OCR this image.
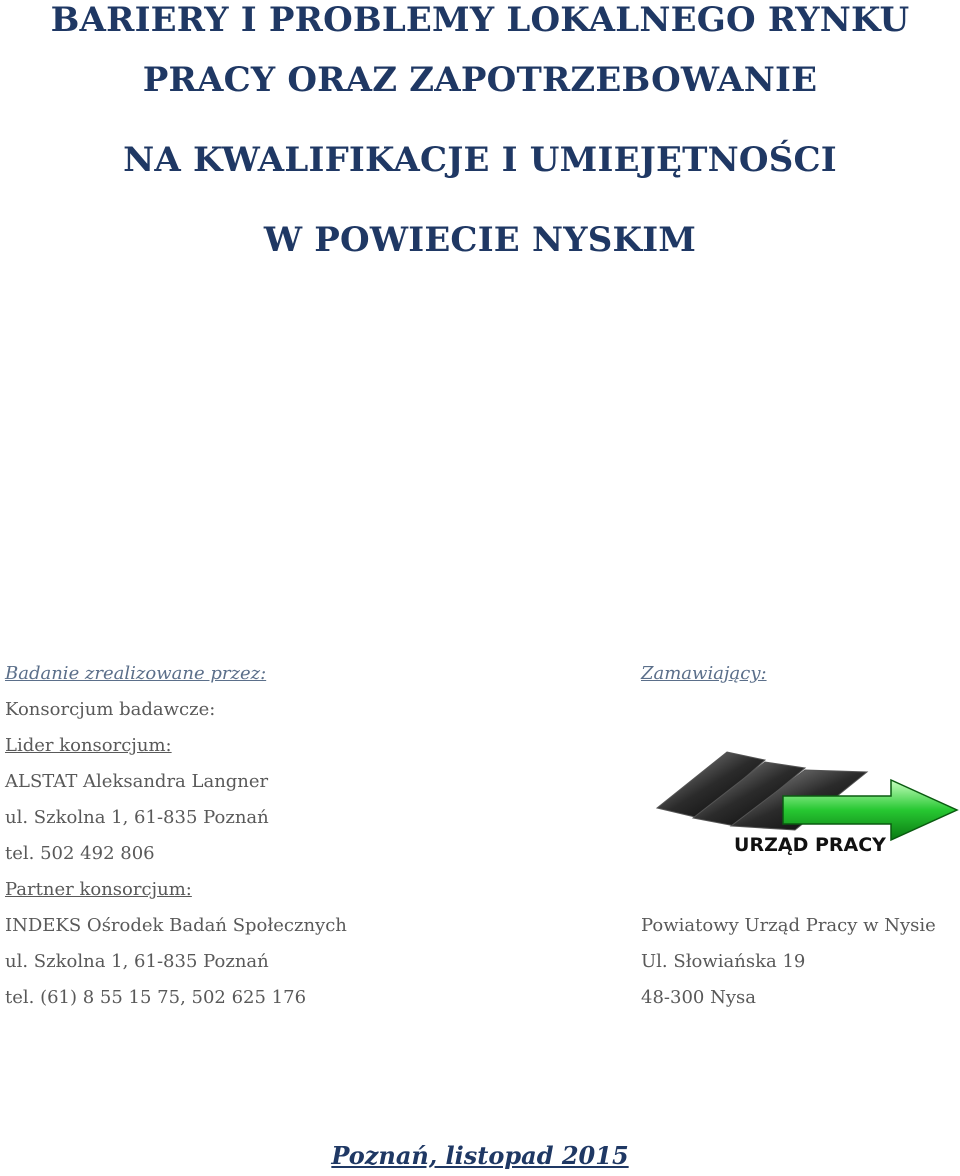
BARIERY I PROBLEMY LOKALNEGO RYNKU

PRACY ORAZ ZAPOTRZEBOWANIE

NA KWALIFIKACJE I UMIEJĘTNOŚCI

W POWIECIE NYSKIM

Badanie zrealizowane przez:
Konsorcjum badawcze:
Lider konsorcjum:
ALSTAT Aleksandra Langner
ul. Szkolna 1, 61-835 Poznań
tel. 502 492 806
Partner konsorcjum:
INDEKS Ośrodek Badań Społecznych
ul. Szkolna 1, 61-835 Poznań
tel. (61) 8 55 15 75, 502 625 176
Zamawiający:
Powiatowy Urząd Pracy w Nysie
Ul. Słowiańska 19
48-300 Nysa
URZĄD PRACY
Poznań, listopad 2015
